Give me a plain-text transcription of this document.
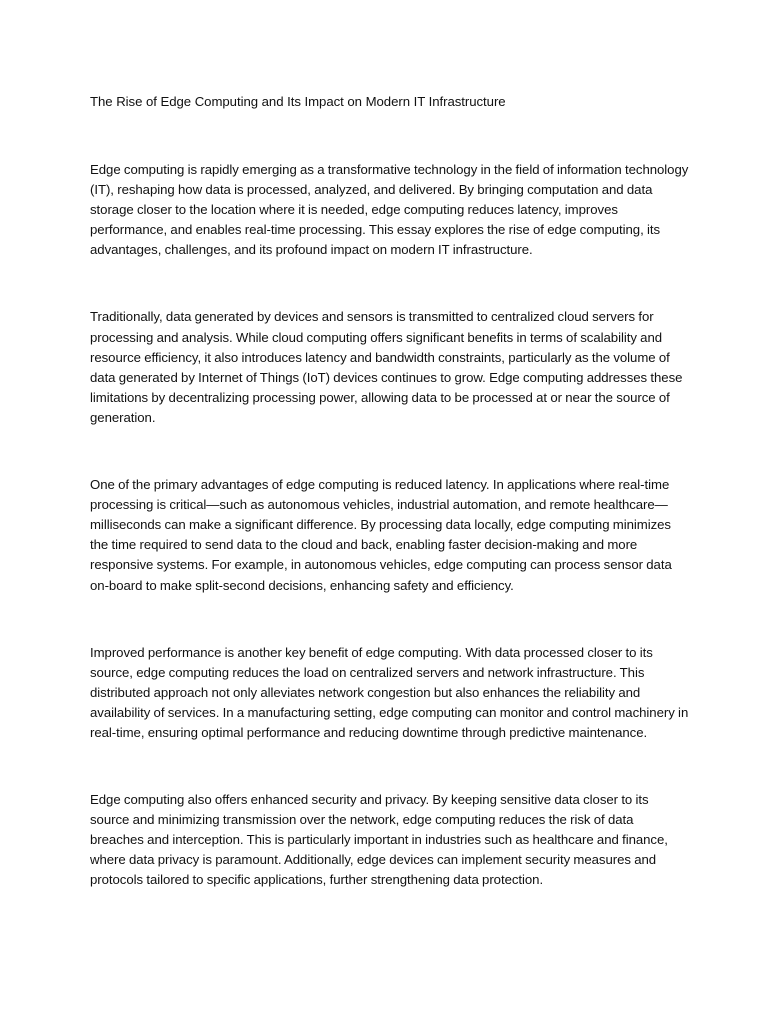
The Rise of Edge Computing and Its Impact on Modern IT Infrastructure

Edge computing is rapidly emerging as a transformative technology in the field of information technology (IT), reshaping how data is processed, analyzed, and delivered. By bringing computation and data storage closer to the location where it is needed, edge computing reduces latency, improves performance, and enables real-time processing. This essay explores the rise of edge computing, its advantages, challenges, and its profound impact on modern IT infrastructure.

Traditionally, data generated by devices and sensors is transmitted to centralized cloud servers for processing and analysis. While cloud computing offers significant benefits in terms of scalability and resource efficiency, it also introduces latency and bandwidth constraints, particularly as the volume of data generated by Internet of Things (IoT) devices continues to grow. Edge computing addresses these limitations by decentralizing processing power, allowing data to be processed at or near the source of generation.

One of the primary advantages of edge computing is reduced latency. In applications where real-time processing is critical—such as autonomous vehicles, industrial automation, and remote healthcare—milliseconds can make a significant difference. By processing data locally, edge computing minimizes the time required to send data to the cloud and back, enabling faster decision-making and more responsive systems. For example, in autonomous vehicles, edge computing can process sensor data on-board to make split-second decisions, enhancing safety and efficiency.

Improved performance is another key benefit of edge computing. With data processed closer to its source, edge computing reduces the load on centralized servers and network infrastructure. This distributed approach not only alleviates network congestion but also enhances the reliability and availability of services. In a manufacturing setting, edge computing can monitor and control machinery in real-time, ensuring optimal performance and reducing downtime through predictive maintenance.

Edge computing also offers enhanced security and privacy. By keeping sensitive data closer to its source and minimizing transmission over the network, edge computing reduces the risk of data breaches and interception. This is particularly important in industries such as healthcare and finance, where data privacy is paramount. Additionally, edge devices can implement security measures and protocols tailored to specific applications, further strengthening data protection.
